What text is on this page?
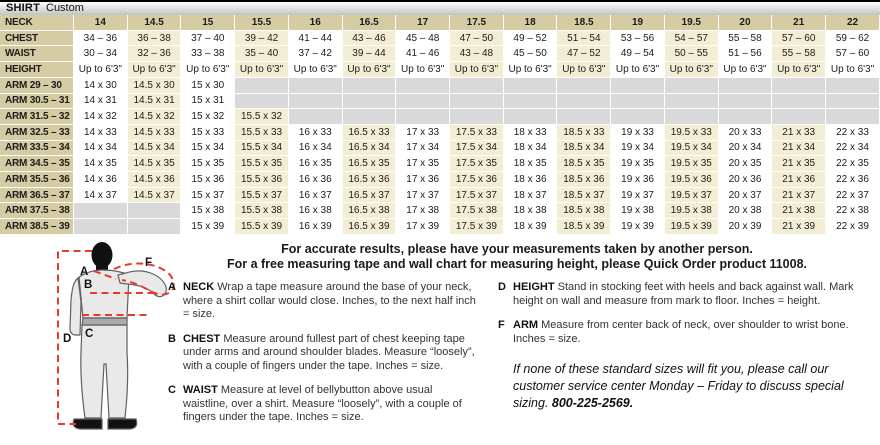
SHIRT Custom
NECK	14	14.5	15	15.5	16	16.5	17	17.5	18	18.5	19	19.5	20	21	22
CHEST	34 – 36	36 – 38	37 – 40	39 – 42	41 – 44	43 – 46	45 – 48	47 – 50	49 – 52	51 – 54	53 – 56	54 – 57	55 – 58	57 – 60	59 – 62
WAIST	30 – 34	32 – 36	33 – 38	35 – 40	37 – 42	39 – 44	41 – 46	43 – 48	45 – 50	47 – 52	49 – 54	50 – 55	51 – 56	55 – 58	57 – 60
HEIGHT	Up to 6'3"	Up to 6'3"	Up to 6'3"	Up to 6'3"	Up to 6'3"	Up to 6'3"	Up to 6'3"	Up to 6'3"	Up to 6'3"	Up to 6'3"	Up to 6'3"	Up to 6'3"	Up to 6'3"	Up to 6'3"	Up to 6'3"
ARM 29 – 30	14 x 30	14.5 x 30	15 x 30												
ARM 30.5 – 31	14 x 31	14.5 x 31	15 x 31												
ARM 31.5 – 32	14 x 32	14.5 x 32	15 x 32	15.5 x 32											
ARM 32.5 – 33	14 x 33	14.5 x 33	15 x 33	15.5 x 33	16 x 33	16.5 x 33	17 x 33	17.5 x 33	18 x 33	18.5 x 33	19 x 33	19.5 x 33	20 x 33	21 x 33	22 x 33
ARM 33.5 – 34	14 x 34	14.5 x 34	15 x 34	15.5 x 34	16 x 34	16.5 x 34	17 x 34	17.5 x 34	18 x 34	18.5 x 34	19 x 34	19.5 x 34	20 x 34	21 x 34	22 x 34
ARM 34.5 – 35	14 x 35	14.5 x 35	15 x 35	15.5 x 35	16 x 35	16.5 x 35	17 x 35	17.5 x 35	18 x 35	18.5 x 35	19 x 35	19.5 x 35	20 x 35	21 x 35	22 x 35
ARM 35.5 – 36	14 x 36	14.5 x 36	15 x 36	15.5 x 36	16 x 36	16.5 x 36	17 x 36	17.5 x 36	18 x 36	18.5 x 36	19 x 36	19.5 x 36	20 x 36	21 x 36	22 x 36
ARM 36.5 – 37	14 x 37	14.5 x 37	15 x 37	15.5 x 37	16 x 37	16.5 x 37	17 x 37	17.5 x 37	18 x 37	18.5 x 37	19 x 37	19.5 x 37	20 x 37	21 x 37	22 x 37
ARM 37.5 – 38			15 x 38	15.5 x 38	16 x 38	16.5 x 38	17 x 38	17.5 x 38	18 x 38	18.5 x 38	19 x 38	19.5 x 38	20 x 38	21 x 38	22 x 38
ARM 38.5 – 39			15 x 39	15.5 x 39	16 x 39	16.5 x 39	17 x 39	17.5 x 39	18 x 39	18.5 x 39	19 x 39	19.5 x 39	20 x 39	21 x 39	22 x 39
A
B
C
D
F
For accurate results, please have your measurements taken by another person.
For a free measuring tape and wall chart for measuring height, please Quick Order product 11008.
A NECK Wrap a tape measure around the base of your neck, where a shirt collar would close. Inches, to the next half inch = size.
B CHEST Measure around fullest part of chest keeping tape under arms and around shoulder blades. Measure “loosely”, with a couple of fingers under the tape. Inches = size.
C WAIST Measure at level of bellybutton above usual waistline, over a shirt. Measure “loosely”, with a couple of fingers under the tape. Inches = size.
D HEIGHT Stand in stocking feet with heels and back against wall. Mark height on wall and measure from mark to floor. Inches = height.
F ARM Measure from center back of neck, over shoulder to wrist bone. Inches = size.

If none of these standard sizes will fit you, please call our customer service center Monday – Friday to discuss special sizing. 800-225-2569.
